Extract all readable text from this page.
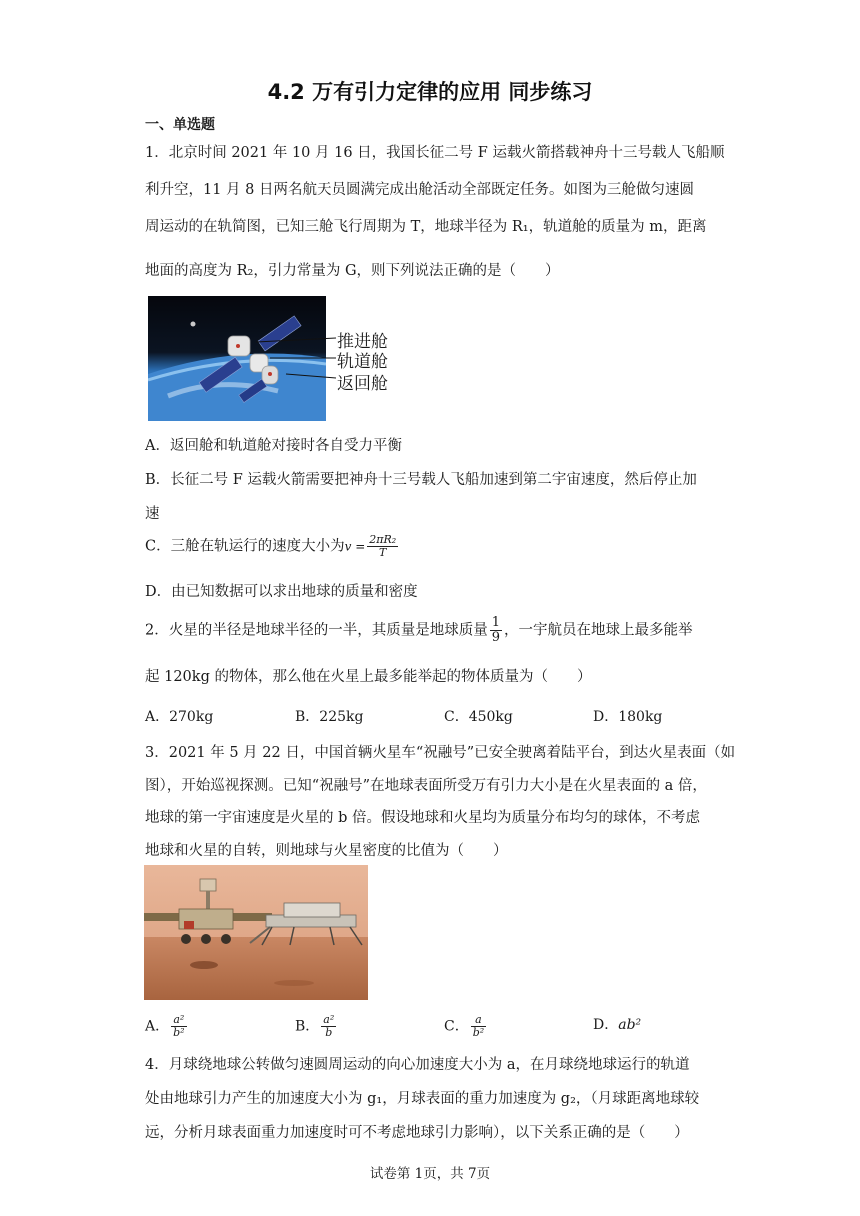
4.2 万有引力定律的应用 同步练习
一、单选题
1．北京时间 2021 年 10 月 16 日，我国长征二号 F 运载火箭搭载神舟十三号载人飞船顺
利升空，11 月 8 日两名航天员圆满完成出舱活动全部既定任务。如图为三舱做匀速圆
周运动的在轨简图，已知三舱飞行周期为 T，地球半径为 R₁，轨道舱的质量为 m，距离
地面的高度为 R₂，引力常量为 G，则下列说法正确的是（　　）
推进舱
轨道舱
返回舱
A．返回舱和轨道舱对接时各自受力平衡
B．长征二号 F 运载火箭需要把神舟十三号载人飞船加速到第二宇宙速度，然后停止加
速
C．三舱在轨运行的速度大小为$v = \frac{\text{2πR₂}}{T}$
D．由已知数据可以求出地球的质量和密度
2．火星的半径是地球半径的一半，其质量是地球质量 $\frac{1}{9}$ ，一宇航员在地球上最多能举
起 120kg 的物体，那么他在火星上最多能举起的物体质量为（　　）
A．270kg	B．225kg	C．450kg	D．180kg
3．2021 年 5 月 22 日，中国首辆火星车“祝融号”已安全驶离着陆平台，到达火星表面（如
图），开始巡视探测。已知“祝融号”在地球表面所受万有引力大小是在火星表面的 a 倍，
地球的第一宇宙速度是火星的 b 倍。假设地球和火星均为质量分布均匀的球体，不考虑
地球和火星的自转，则地球与火星密度的比值为（　　）
A． $\frac{\text{a²}}{\text{b²}}$	B． $\frac{\text{a²}}{b}$	C． $\frac{a}{\text{b²}}$	D．ab²
4．月球绕地球公转做匀速圆周运动的向心加速度大小为 a，在月球绕地球运行的轨道
处由地球引力产生的加速度大小为 g₁，月球表面的重力加速度为 g₂，（月球距离地球较
远，分析月球表面重力加速度时可不考虑地球引力影响），以下关系正确的是（　　）
试卷第 1页，共 7页
